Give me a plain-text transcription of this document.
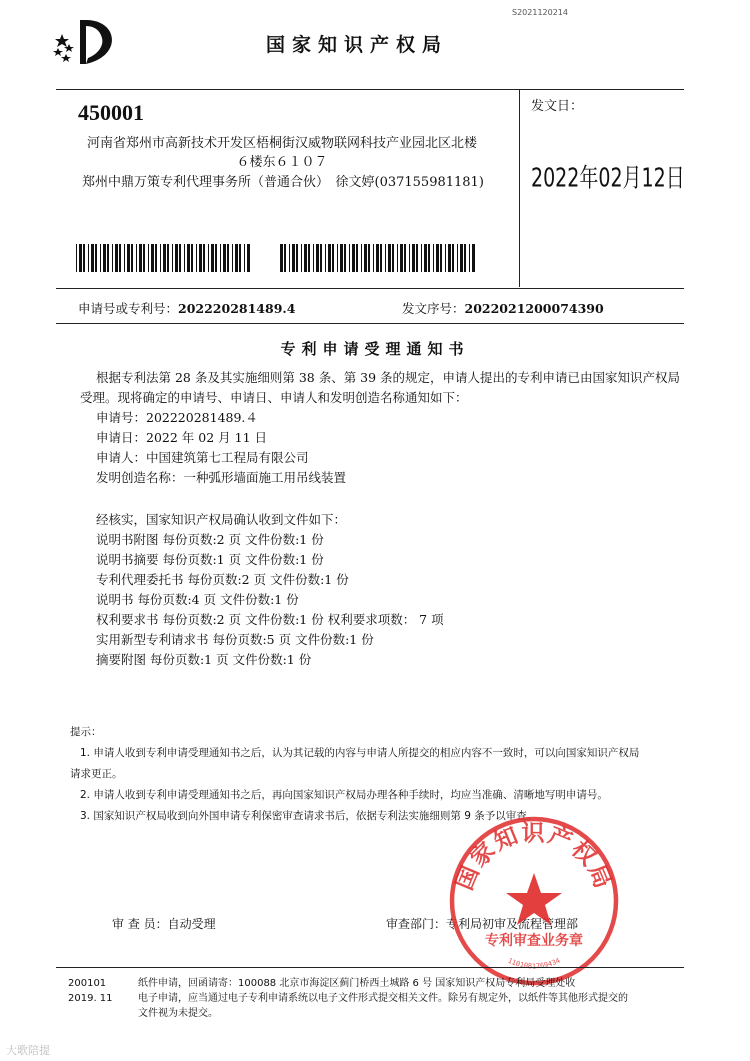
S2021120214
国家知识产权局
450001
河南省郑州市高新技术开发区梧桐街汉威物联网科技产业园北区北楼６楼东６１０７
郑州中鼎万策专利代理事务所（普通合伙）　徐文婷(037155981181)
发文日：
2022年02月12日
申请号或专利号：202220281489.4	发文序号：2022021200074390
专利申请受理通知书
根据专利法第 28 条及其实施细则第 38 条、第 39 条的规定，申请人提出的专利申请已由国家知识产权局
受理。现将确定的申请号、申请日、申请人和发明创造名称通知如下：
申请号：202220281489.４
申请日：2022 年 02 月 11 日
申请人：中国建筑第七工程局有限公司
发明创造名称：一种弧形墙面施工用吊线装置
经核实，国家知识产权局确认收到文件如下：
说明书附图 每份页数:2 页 文件份数:1 份
说明书摘要 每份页数:1 页 文件份数:1 份
专利代理委托书 每份页数:2 页 文件份数:1 份
说明书 每份页数:4 页 文件份数:1 份
权利要求书 每份页数:2 页 文件份数:1 份 权利要求项数： 7 项
实用新型专利请求书 每份页数:5 页 文件份数:1 份
摘要附图 每份页数:1 页 文件份数:1 份
提示：
1. 申请人收到专利申请受理通知书之后，认为其记载的内容与申请人所提交的相应内容不一致时，可以向国家知识产权局
请求更正。
2. 申请人收到专利申请受理通知书之后，再向国家知识产权局办理各种手续时，均应当准确、清晰地写明申请号。
3. 国家知识产权局收到向外国申请专利保密审查请求书后，依据专利法实施细则第 9 条予以审查。
审 查 员：自动受理	审查部门：专利局初审及流程管理部
国家知识产权局
专利审查业务章
1101081769434
200101
2019. 11
纸件申请，回函请寄：100088 北京市海淀区蓟门桥西土城路 6 号 国家知识产权局专利局受理处收
电子申请，应当通过电子专利申请系统以电子文件形式提交相关文件。除另有规定外，以纸件等其他形式提交的
文件视为未提交。
大歌陪提
